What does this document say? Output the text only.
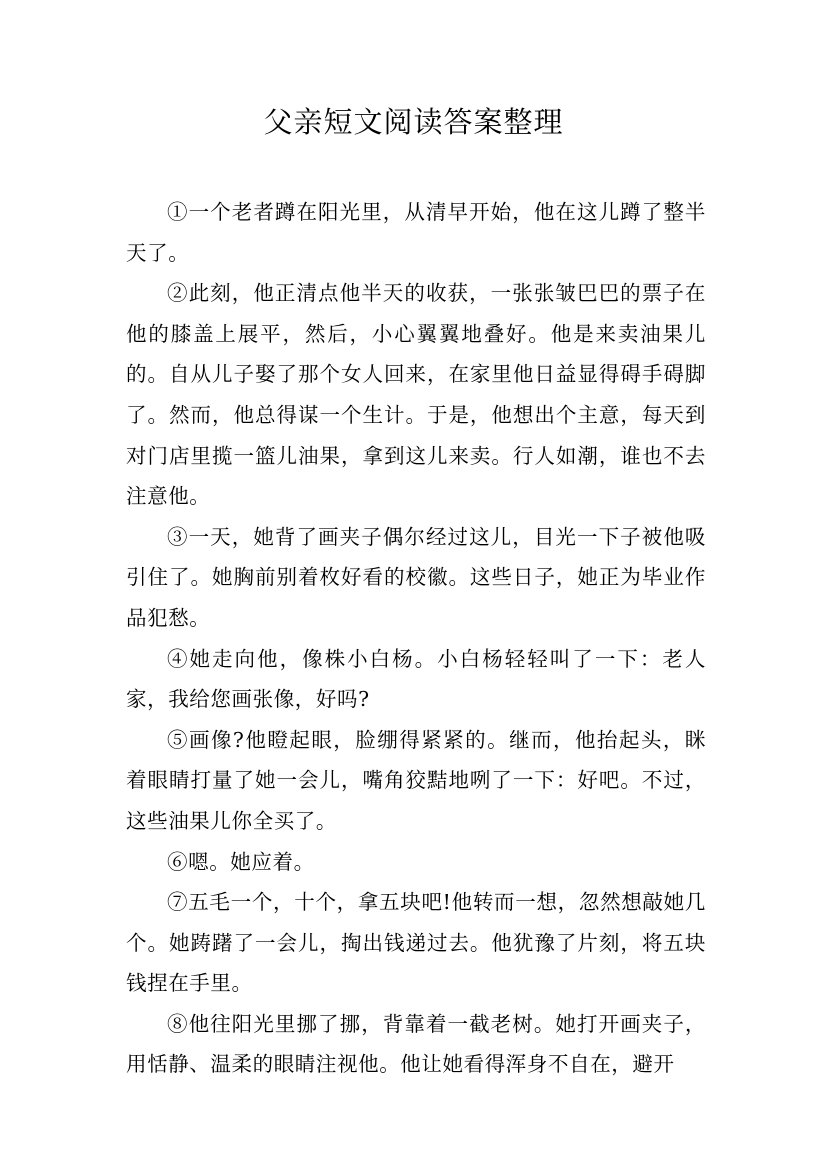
父亲短文阅读答案整理

①一个老者蹲在阳光里，从清早开始，他在这儿蹲了整半天了。

②此刻，他正清点他半天的收获，一张张皱巴巴的票子在他的膝盖上展平，然后，小心翼翼地叠好。他是来卖油果儿的。自从儿子娶了那个女人回来，在家里他日益显得碍手碍脚了。然而，他总得谋一个生计。于是，他想出个主意，每天到对门店里揽一篮儿油果，拿到这儿来卖。行人如潮，谁也不去注意他。

③一天，她背了画夹子偶尔经过这儿，目光一下子被他吸引住了。她胸前别着枚好看的校徽。这些日子，她正为毕业作品犯愁。

④她走向他，像株小白杨。小白杨轻轻叫了一下：老人家，我给您画张像，好吗?

⑤画像?他瞪起眼，脸绷得紧紧的。继而，他抬起头，眯着眼睛打量了她一会儿，嘴角狡黠地咧了一下：好吧。不过，这些油果儿你全买了。

⑥嗯。她应着。

⑦五毛一个，十个，拿五块吧!他转而一想，忽然想敲她几个。她踌躇了一会儿，掏出钱递过去。他犹豫了片刻，将五块钱捏在手里。

⑧他往阳光里挪了挪，背靠着一截老树。她打开画夹子，用恬静、温柔的眼睛注视他。他让她看得浑身不自在，避开
